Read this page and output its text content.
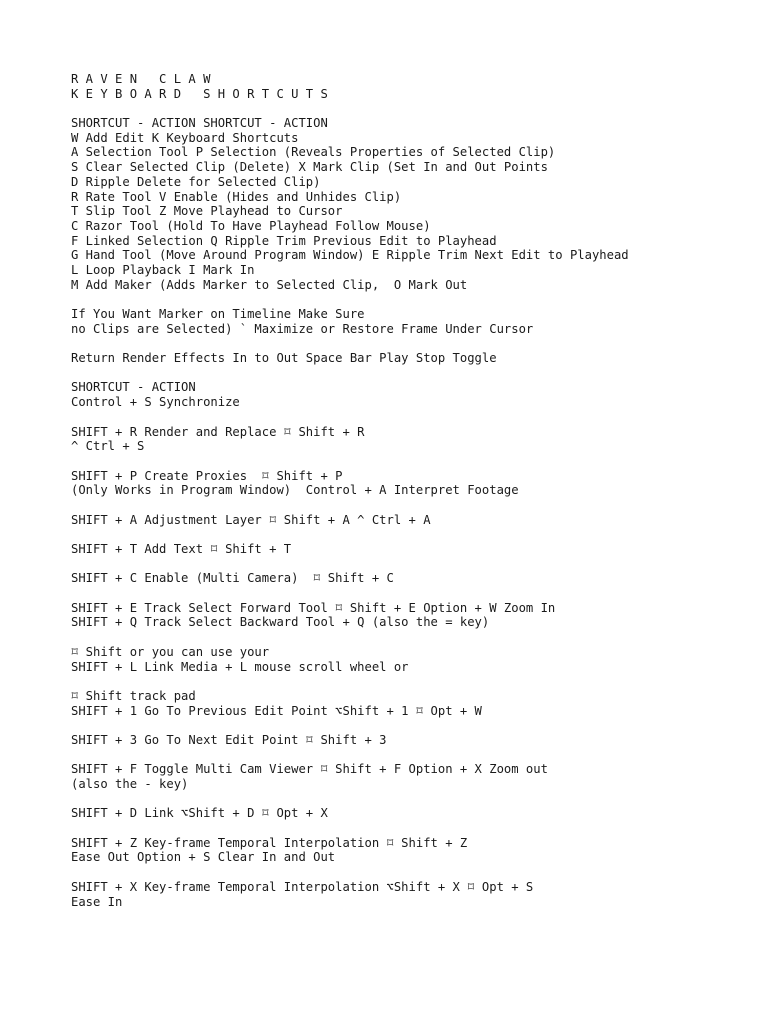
R A V E N   C L A W
K E Y B O A R D   S H O R T C U T S
SHORTCUT - ACTION SHORTCUT - ACTION
W Add Edit K Keyboard Shortcuts
A Selection Tool P Selection (Reveals Properties of Selected Clip)
S Clear Selected Clip (Delete) X Mark Clip (Set In and Out Points
D Ripple Delete for Selected Clip)
R Rate Tool V Enable (Hides and Unhides Clip)
T Slip Tool Z Move Playhead to Cursor
C Razor Tool (Hold To Have Playhead Follow Mouse)
F Linked Selection Q Ripple Trim Previous Edit to Playhead
G Hand Tool (Move Around Program Window) E Ripple Trim Next Edit to Playhead
L Loop Playback I Mark In
M Add Maker (Adds Marker to Selected Clip,  O Mark Out
If You Want Marker on Timeline Make Sure
no Clips are Selected) ` Maximize or Restore Frame Under Cursor
Return Render Effects In to Out Space Bar Play Stop Toggle
SHORTCUT - ACTION
Control + S Synchronize
SHIFT + R Render and Replace ⌑ Shift + R
^ Ctrl + S
SHIFT + P Create Proxies  ⌑ Shift + P
(Only Works in Program Window)  Control + A Interpret Footage
SHIFT + A Adjustment Layer ⌑ Shift + A ^ Ctrl + A
SHIFT + T Add Text ⌑ Shift + T
SHIFT + C Enable (Multi Camera)  ⌑ Shift + C
SHIFT + E Track Select Forward Tool ⌑ Shift + E Option + W Zoom In
SHIFT + Q Track Select Backward Tool + Q (also the = key)
⌑ Shift or you can use your
SHIFT + L Link Media + L mouse scroll wheel or
⌑ Shift track pad
SHIFT + 1 Go To Previous Edit Point ⌥Shift + 1 ⌑ Opt + W
SHIFT + 3 Go To Next Edit Point ⌑ Shift + 3
SHIFT + F Toggle Multi Cam Viewer ⌑ Shift + F Option + X Zoom out
(also the - key)
SHIFT + D Link ⌥Shift + D ⌑ Opt + X
SHIFT + Z Key-frame Temporal Interpolation ⌑ Shift + Z
Ease Out Option + S Clear In and Out
SHIFT + X Key-frame Temporal Interpolation ⌥Shift + X ⌑ Opt + S
Ease In
